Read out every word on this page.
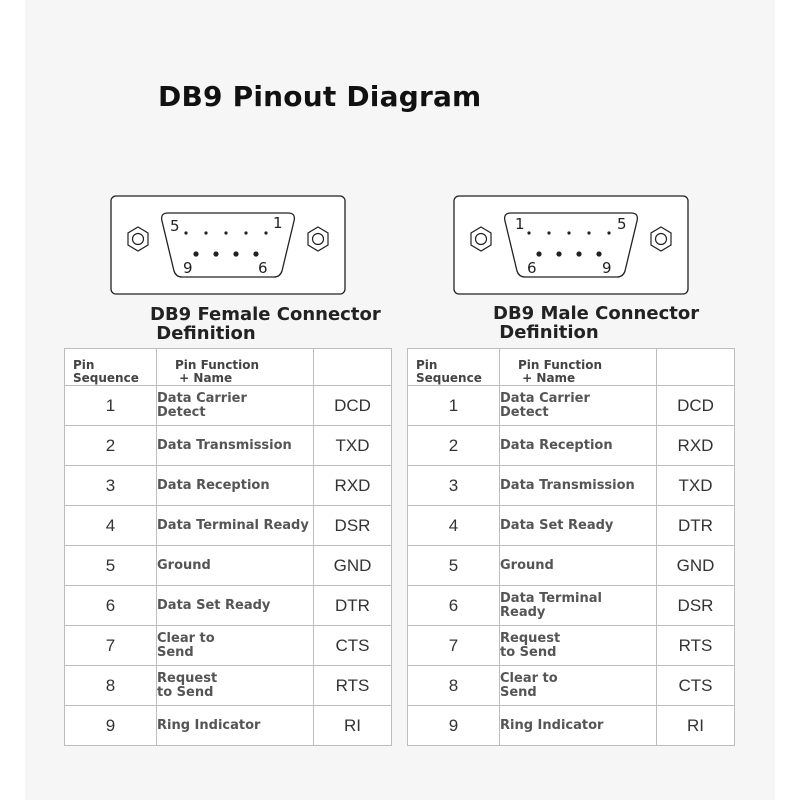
DB9 Pinout Diagram
5	1
9	6
1	5
6	9
DB9 Female Connector
Definition
DB9 Male Connector
Definition
Pin Sequence	Pin Function
+ Name	

1	Data Carrier
Detect	DCD
2	Data Transmission	TXD
3	Data Reception	RXD
4	Data Terminal Ready	DSR
5	Ground	GND
6	Data Set Ready	DTR
7	Clear to
Send	CTS
8	Request
to Send	RTS
9	Ring Indicator	RI
Pin Sequence	Pin Function
+ Name	

1	Data Carrier
Detect	DCD
2	Data Reception	RXD
3	Data Transmission	TXD
4	Data Set Ready	DTR
5	Ground	GND
6	Data Terminal
Ready	DSR
7	Request
to Send	RTS
8	Clear to
Send	CTS
9	Ring Indicator	RI
